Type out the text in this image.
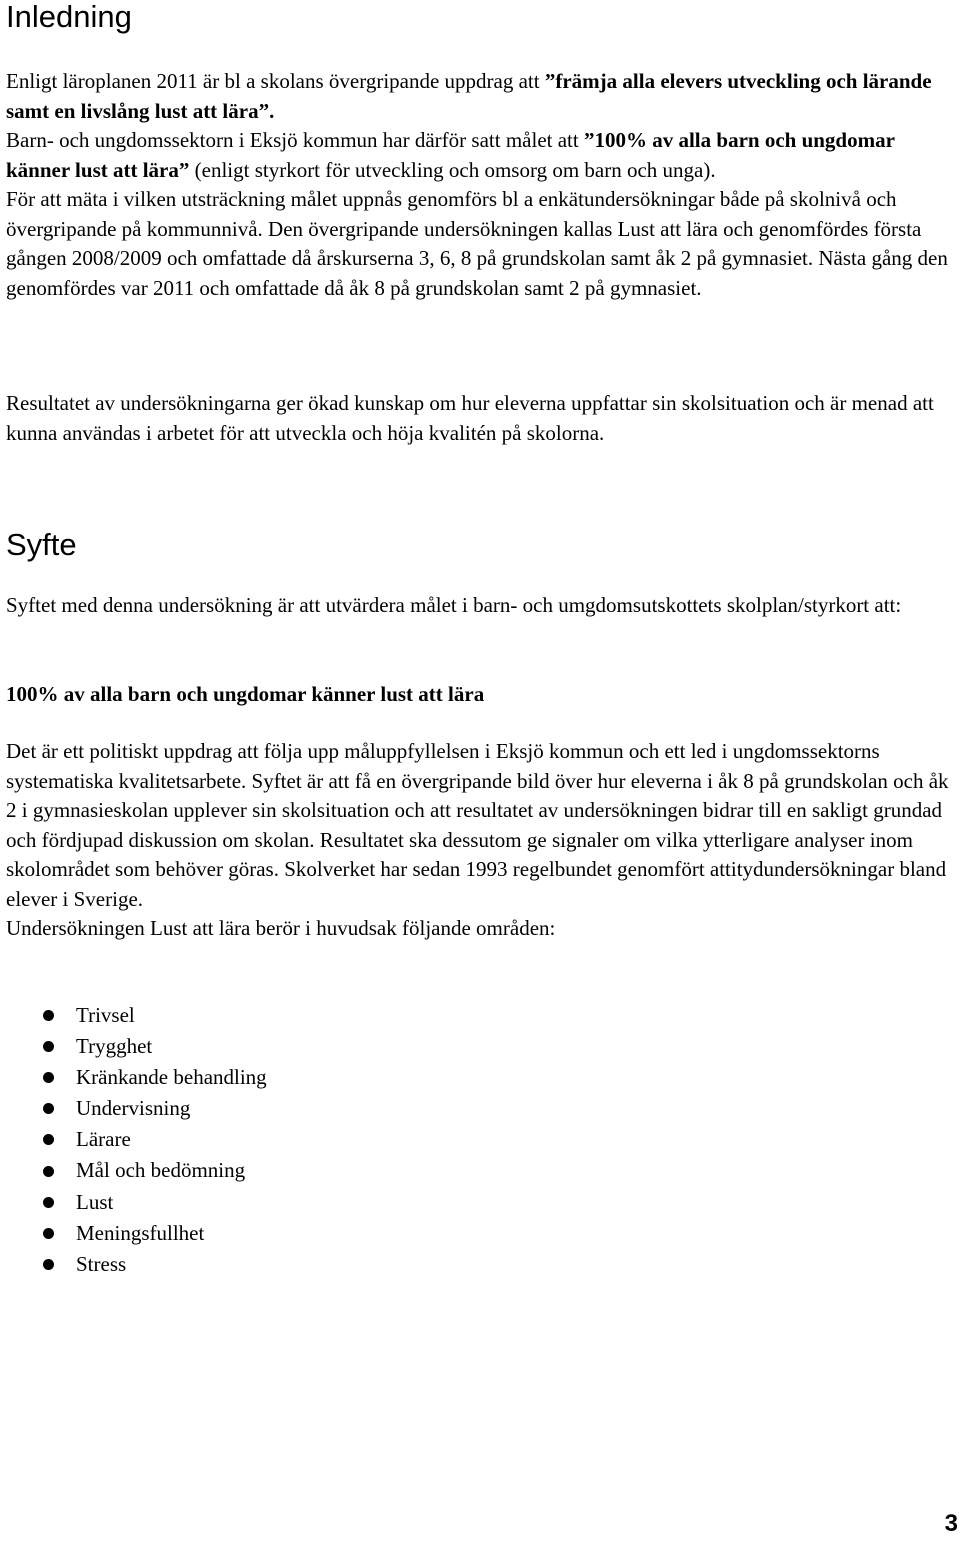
Inledning
Enligt läroplanen 2011 är bl a skolans övergripande uppdrag att ”främja alla elevers utveckling och lärande samt en livslång lust att lära”.
Barn- och ungdomssektorn i Eksjö kommun har därför satt målet att ”100% av alla barn och ungdomar känner lust att lära” (enligt styrkort för utveckling och omsorg om barn och unga).
För att mäta i vilken utsträckning målet uppnås genomförs bl a enkätundersökningar både på skolnivå och övergripande på kommunnivå. Den övergripande undersökningen kallas Lust att lära och genomfördes första gången 2008/2009 och omfattade då årskurserna 3, 6, 8 på grundskolan samt åk 2 på gymnasiet. Nästa gång den genomfördes var 2011 och omfattade då åk 8 på grundskolan samt 2 på gymnasiet.

Resultatet av undersökningarna ger ökad kunskap om hur eleverna uppfattar sin skolsituation och är menad att kunna användas i arbetet för att utveckla och höja kvalitén på skolorna.

Syfte

Syftet med denna undersökning är att utvärdera målet i barn- och umgdomsutskottets skolplan/styrkort att:

100% av alla barn och ungdomar känner lust att lära

Det är ett politiskt uppdrag att följa upp måluppfyllelsen i Eksjö kommun och ett led i ungdomssektorns systematiska kvalitetsarbete. Syftet är att få en övergripande bild över hur eleverna i åk 8 på grundskolan och åk 2 i gymnasieskolan upplever sin skolsituation och att resultatet av undersökningen bidrar till en sakligt grundad och fördjupad diskussion om skolan. Resultatet ska dessutom ge signaler om vilka ytterligare analyser inom skolområdet som behöver göras. Skolverket har sedan 1993 regelbundet genomfört attitydundersökningar bland elever i Sverige.
Undersökningen Lust att lära berör i huvudsak följande områden:
Trivsel
Trygghet
Kränkande behandling
Undervisning
Lärare
Mål och bedömning
Lust
Meningsfullhet
Stress
3
